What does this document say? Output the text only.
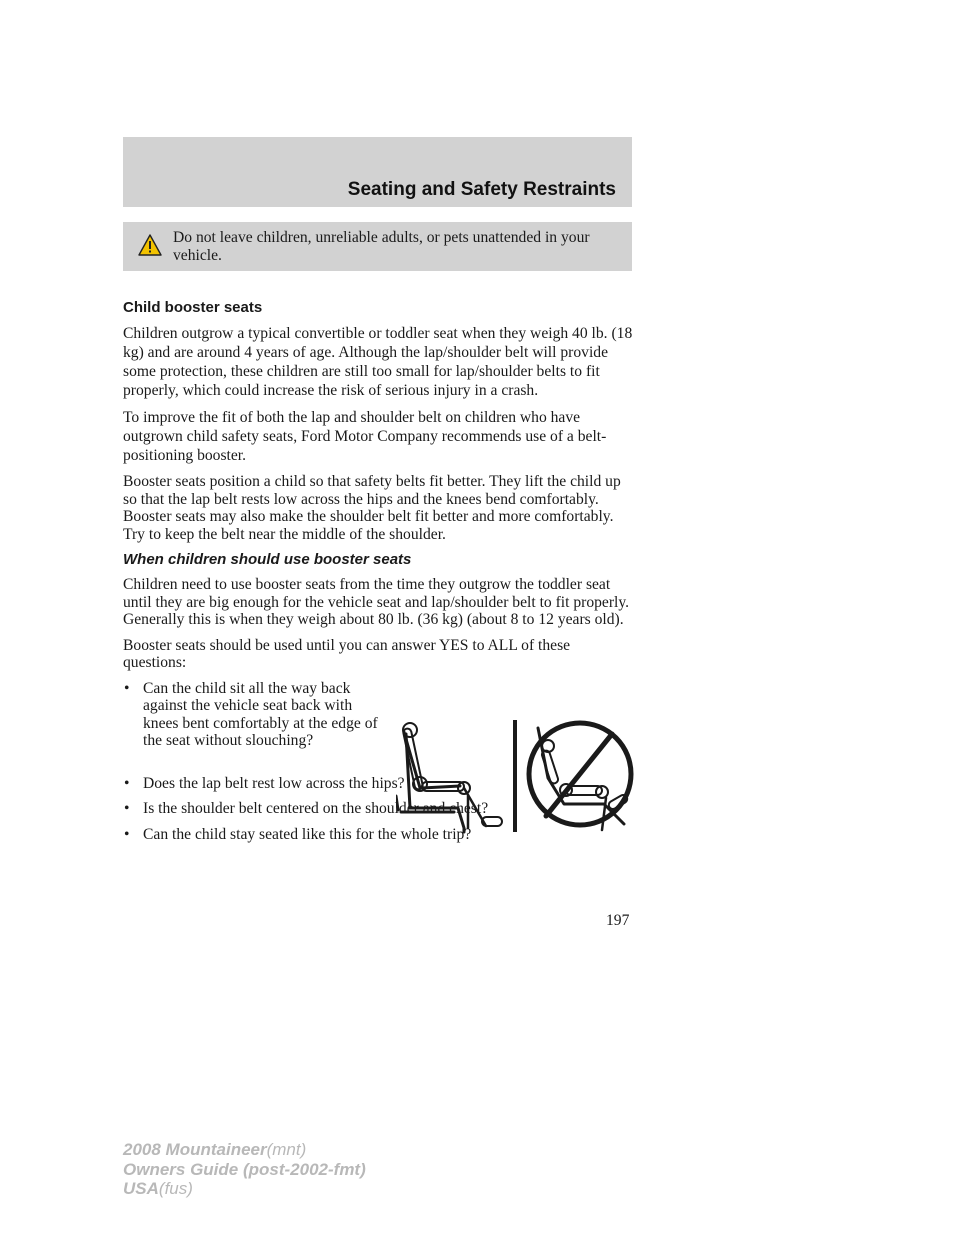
Seating and Safety Restraints
Do not leave children, unreliable adults, or pets unattended in your vehicle.
Child booster seats

Children outgrow a typical convertible or toddler seat when they weigh 40 lb. (18 kg) and are around 4 years of age. Although the lap/shoulder belt will provide some protection, these children are still too small for lap/shoulder belts to fit properly, which could increase the risk of serious injury in a crash.

To improve the fit of both the lap and shoulder belt on children who have outgrown child safety seats, Ford Motor Company recommends use of a belt-positioning booster.

Booster seats position a child so that safety belts fit better. They lift the child up so that the lap belt rests low across the hips and the knees bend comfortably. Booster seats may also make the shoulder belt fit better and more comfortably. Try to keep the belt near the middle of the shoulder.

When children should use booster seats

Children need to use booster seats from the time they outgrow the toddler seat until they are big enough for the vehicle seat and lap/shoulder belt to fit properly. Generally this is when they weigh about 80 lb. (36 kg) (about 8 to 12 years old).

Booster seats should be used until you can answer YES to ALL of these questions:

• Can the child sit all the way back against the vehicle seat back with knees bent comfortably at the edge of the seat without slouching?
• Does the lap belt rest low across the hips?
• Is the shoulder belt centered on the shoulder and chest?
• Can the child stay seated like this for the whole trip?
197
2008 Mountaineer(mnt)
Owners Guide (post-2002-fmt)
USA(fus)
